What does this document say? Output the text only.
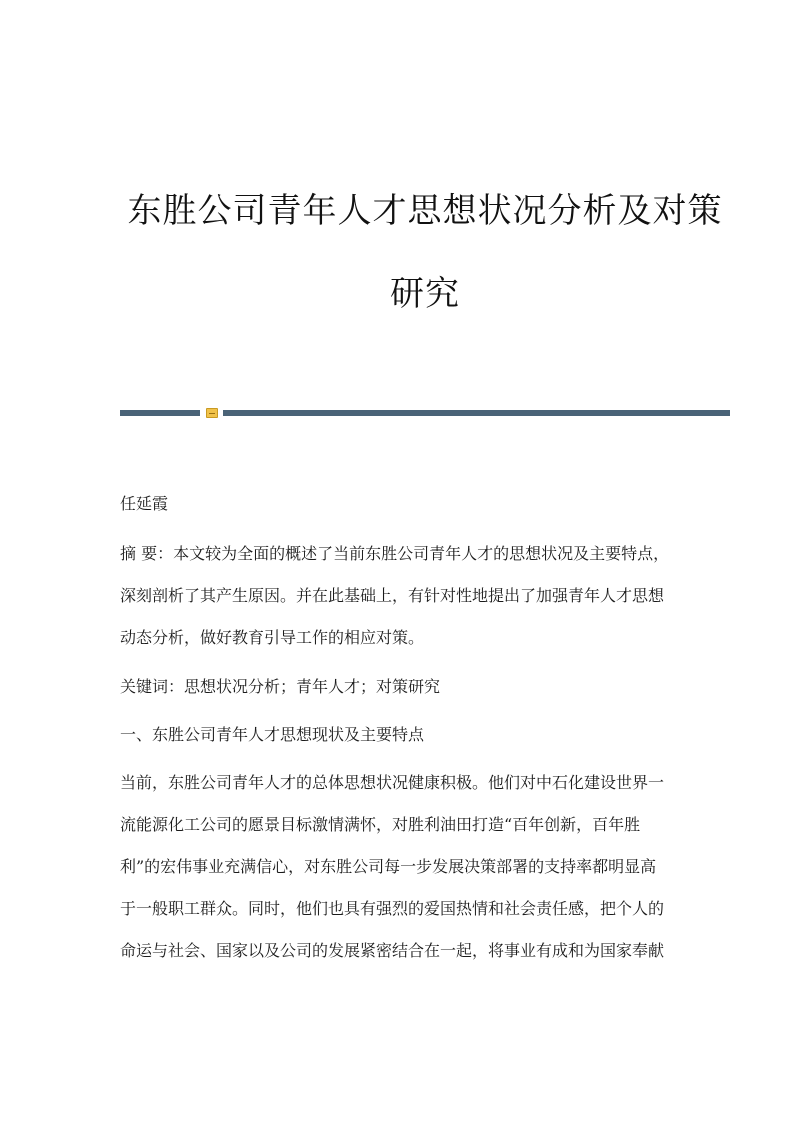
东胜公司青年人才思想状况分析及对策
研究

任延霞

摘 要：本文较为全面的概述了当前东胜公司青年人才的思想状况及主要特点，

深刻剖析了其产生原因。并在此基础上，有针对性地提出了加强青年人才思想

动态分析，做好教育引导工作的相应对策。

关键词：思想状况分析；青年人才；对策研究

一、东胜公司青年人才思想现状及主要特点

当前，东胜公司青年人才的总体思想状况健康积极。他们对中石化建设世界一

流能源化工公司的愿景目标激情满怀，对胜利油田打造“百年创新，百年胜

利”的宏伟事业充满信心，对东胜公司每一步发展决策部署的支持率都明显高

于一般职工群众。同时，他们也具有强烈的爱国热情和社会责任感，把个人的

命运与社会、国家以及公司的发展紧密结合在一起，将事业有成和为国家奉献
